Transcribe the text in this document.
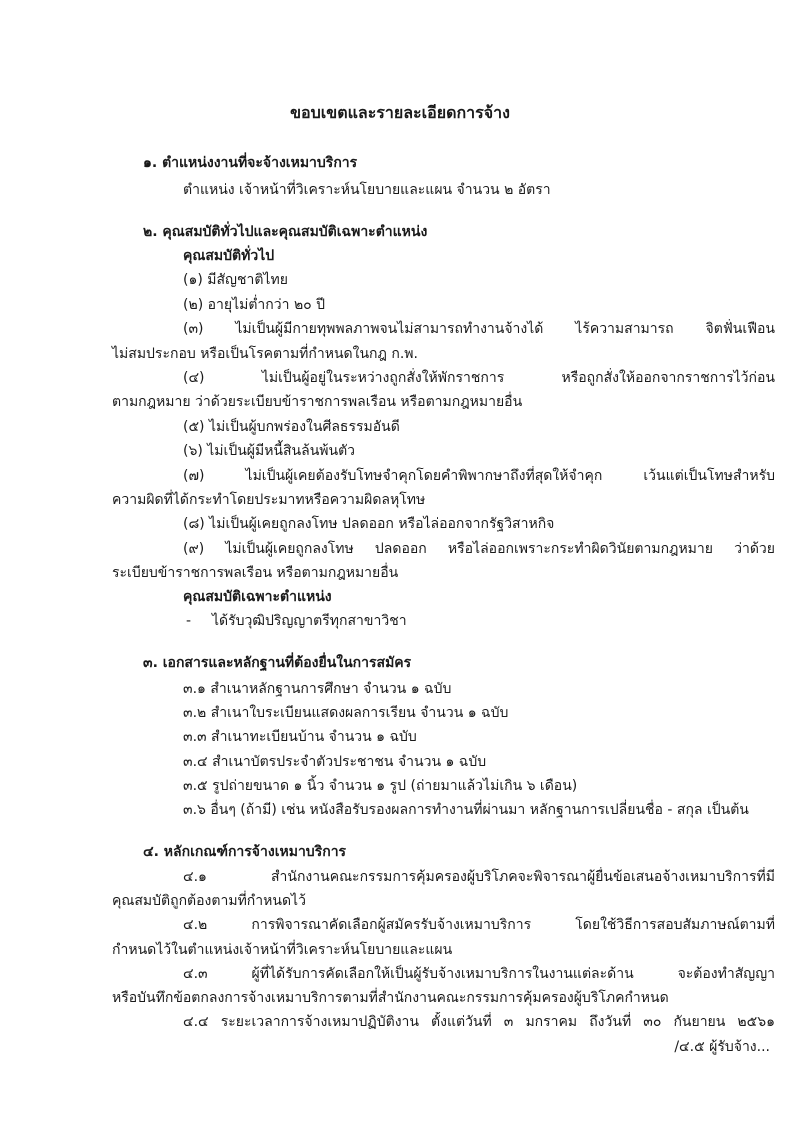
ขอบเขตและรายละเอียดการจ้าง
๑. ตำแหน่งงานที่จะจ้างเหมาบริการ
ตำแหน่ง เจ้าหน้าที่วิเคราะห์นโยบายและแผน จำนวน ๒ อัตรา
๒. คุณสมบัติทั่วไปและคุณสมบัติเฉพาะตำแหน่ง
คุณสมบัติทั่วไป
(๑) มีสัญชาติไทย
(๒) อายุไม่ต่ำกว่า ๒๐ ปี
(๓) ไม่เป็นผู้มีกายทุพพลภาพจนไม่สามารถทำงานจ้างได้ ไร้ความสามารถ จิตฟั่นเฟือน
ไม่สมประกอบ หรือเป็นโรคตามที่กำหนดในกฎ ก.พ.
(๔) ไม่เป็นผู้อยู่ในระหว่างถูกสั่งให้พักราชการ หรือถูกสั่งให้ออกจากราชการไว้ก่อน
ตามกฎหมาย ว่าด้วยระเบียบข้าราชการพลเรือน หรือตามกฎหมายอื่น
(๕) ไม่เป็นผู้บกพร่องในศีลธรรมอันดี
(๖) ไม่เป็นผู้มีหนี้สินล้นพ้นตัว
(๗) ไม่เป็นผู้เคยต้องรับโทษจำคุกโดยคำพิพากษาถึงที่สุดให้จำคุก เว้นแต่เป็นโทษสำหรับ
ความผิดที่ได้กระทำโดยประมาทหรือความผิดลหุโทษ
(๘) ไม่เป็นผู้เคยถูกลงโทษ ปลดออก หรือไล่ออกจากรัฐวิสาหกิจ
(๙) ไม่เป็นผู้เคยถูกลงโทษ ปลดออก หรือไล่ออกเพราะกระทำผิดวินัยตามกฎหมาย ว่าด้วย
ระเบียบข้าราชการพลเรือน หรือตามกฎหมายอื่น
คุณสมบัติเฉพาะตำแหน่ง
- ได้รับวุฒิปริญญาตรีทุกสาขาวิชา
๓. เอกสารและหลักฐานที่ต้องยื่นในการสมัคร
๓.๑ สำเนาหลักฐานการศึกษา จำนวน ๑ ฉบับ
๓.๒ สำเนาใบระเบียนแสดงผลการเรียน จำนวน ๑ ฉบับ
๓.๓ สำเนาทะเบียนบ้าน จำนวน ๑ ฉบับ
๓.๔ สำเนาบัตรประจำตัวประชาชน จำนวน ๑ ฉบับ
๓.๕ รูปถ่ายขนาด ๑ นิ้ว จำนวน ๑ รูป (ถ่ายมาแล้วไม่เกิน ๖ เดือน)
๓.๖ อื่นๆ (ถ้ามี) เช่น หนังสือรับรองผลการทำงานที่ผ่านมา หลักฐานการเปลี่ยนชื่อ - สกุล เป็นต้น
๔. หลักเกณฑ์การจ้างเหมาบริการ
๔.๑ สำนักงานคณะกรรมการคุ้มครองผู้บริโภคจะพิจารณาผู้ยื่นข้อเสนอจ้างเหมาบริการที่มี
คุณสมบัติถูกต้องตามที่กำหนดไว้
๔.๒ การพิจารณาคัดเลือกผู้สมัครรับจ้างเหมาบริการ โดยใช้วิธีการสอบสัมภาษณ์ตามที่
กำหนดไว้ในตำแหน่งเจ้าหน้าที่วิเคราะห์นโยบายและแผน
๔.๓ ผู้ที่ได้รับการคัดเลือกให้เป็นผู้รับจ้างเหมาบริการในงานแต่ละด้าน จะต้องทำสัญญา
หรือบันทึกข้อตกลงการจ้างเหมาบริการตามที่สำนักงานคณะกรรมการคุ้มครองผู้บริโภคกำหนด
๔.๔ ระยะเวลาการจ้างเหมาปฏิบัติงาน ตั้งแต่วันที่ ๓ มกราคม ถึงวันที่ ๓๐ กันยายน ๒๕๖๑
/๔.๕ ผู้รับจ้าง...
